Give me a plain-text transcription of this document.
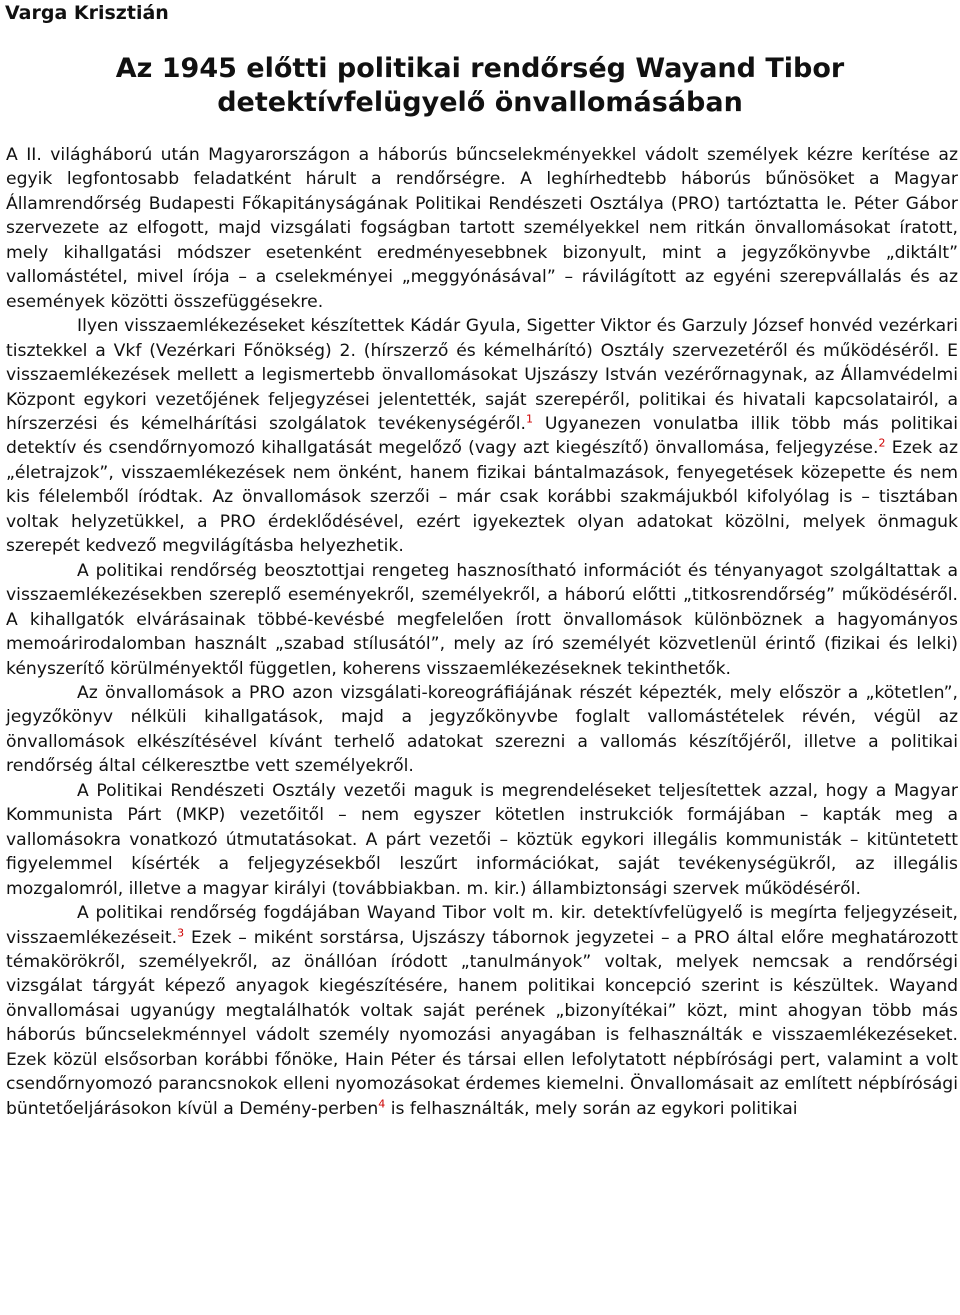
Varga Krisztián
Az 1945 előtti politikai rendőrség Wayand Tibor
detektívfelügyelő önvallomásában

A II. világháború után Magyarországon a háborús bűncselekményekkel vádolt személyek kézre kerítése az egyik legfontosabb feladatként hárult a rendőrségre. A leghírhedtebb háborús bűnösöket a Magyar Államrendőrség Budapesti Főkapitányságának Politikai Rendészeti Osztálya (PRO) tartóztatta le. Péter Gábor szervezete az elfogott, majd vizsgálati fogságban tartott személyekkel nem ritkán önvallomásokat íratott, mely kihallgatási módszer esetenként eredményesebbnek bizonyult, mint a jegyzőkönyvbe „diktált” vallomástétel, mivel írója – a cselekményei „meggyónásával” – rávilágított az egyéni szerepvállalás és az események közötti összefüggésekre.

Ilyen visszaemlékezéseket készítettek Kádár Gyula, Sigetter Viktor és Garzuly József honvéd vezérkari tisztekkel a Vkf (Vezérkari Főnökség) 2. (hírszerző és kémelhárító) Osztály szervezetéről és működéséről. E visszaemlékezések mellett a legismertebb önvallomásokat Ujszászy István vezérőrnagynak, az Államvédelmi Központ egykori vezetőjének feljegyzései jelentették, saját szerepéről, politikai és hivatali kapcsolatairól, a hírszerzési és kémelhárítási szolgálatok tevékenységéről.$^1$ Ugyanezen vonulatba illik több más politikai detektív és csendőrnyomozó kihallgatását megelőző (vagy azt kiegészítő) önvallomása, feljegyzése.$^2$ Ezek az „életrajzok”, visszaemlékezések nem önként, hanem fizikai bántalmazások, fenyegetések közepette és nem kis félelemből íródtak. Az önvallomások szerzői – már csak korábbi szakmájukból kifolyólag is – tisztában voltak helyzetükkel, a PRO érdeklődésével, ezért igyekeztek olyan adatokat közölni, melyek önmaguk szerepét kedvező megvilágításba helyezhetik.

A politikai rendőrség beosztottjai rengeteg hasznosítható információt és tényanyagot szolgáltattak a visszaemlékezésekben szereplő eseményekről, személyekről, a háború előtti „titkosrendőrség” működéséről. A kihallgatók elvárásainak többé-kevésbé megfelelően írott önvallomások különböznek a hagyományos memoárirodalomban használt „szabad stílusától”, mely az író személyét közvetlenül érintő (fizikai és lelki) kényszerítő körülményektől független, koherens visszaemlékezéseknek tekinthetők.

Az önvallomások a PRO azon vizsgálati-koreográfiájának részét képezték, mely először a „kötetlen”, jegyzőkönyv nélküli kihallgatások, majd a jegyzőkönyvbe foglalt vallomástételek révén, végül az önvallomások elkészítésével kívánt terhelő adatokat szerezni a vallomás készítőjéről, illetve a politikai rendőrség által célkeresztbe vett személyekről.

A Politikai Rendészeti Osztály vezetői maguk is megrendeléseket teljesítettek azzal, hogy a Magyar Kommunista Párt (MKP) vezetőitől – nem egyszer kötetlen instrukciók formájában – kapták meg a vallomásokra vonatkozó útmutatásokat. A párt vezetői – köztük egykori illegális kommunisták – kitüntetett figyelemmel kísérték a feljegyzésekből leszűrt információkat, saját tevékenységükről, az illegális mozgalomról, illetve a magyar királyi (továbbiakban. m. kir.) állambiztonsági szervek működéséről.

A politikai rendőrség fogdájában Wayand Tibor volt m. kir. detektívfelügyelő is megírta feljegyzéseit, visszaemlékezéseit.$^3$ Ezek – miként sorstársa, Ujszászy tábornok jegyzetei – a PRO által előre meghatározott témakörökről, személyekről, az önállóan íródott „tanulmányok” voltak, melyek nemcsak a rendőrségi vizsgálat tárgyát képező anyagok kiegészítésére, hanem politikai koncepció szerint is készültek. Wayand önvallomásai ugyanúgy megtalálhatók voltak saját perének „bizonyítékai” közt, mint ahogyan több más háborús bűncselekménnyel vádolt személy nyomozási anyagában is felhasználták e visszaemlékezéseket. Ezek közül elsősorban korábbi főnöke, Hain Péter és társai ellen lefolytatott népbírósági pert, valamint a volt csendőrnyomozó parancsnokok elleni nyomozásokat érdemes kiemelni. Önvallomásait az említett népbírósági büntetőeljárásokon kívül a Demény-perben$^4$ is felhasználták, mely során az egykori politikai
